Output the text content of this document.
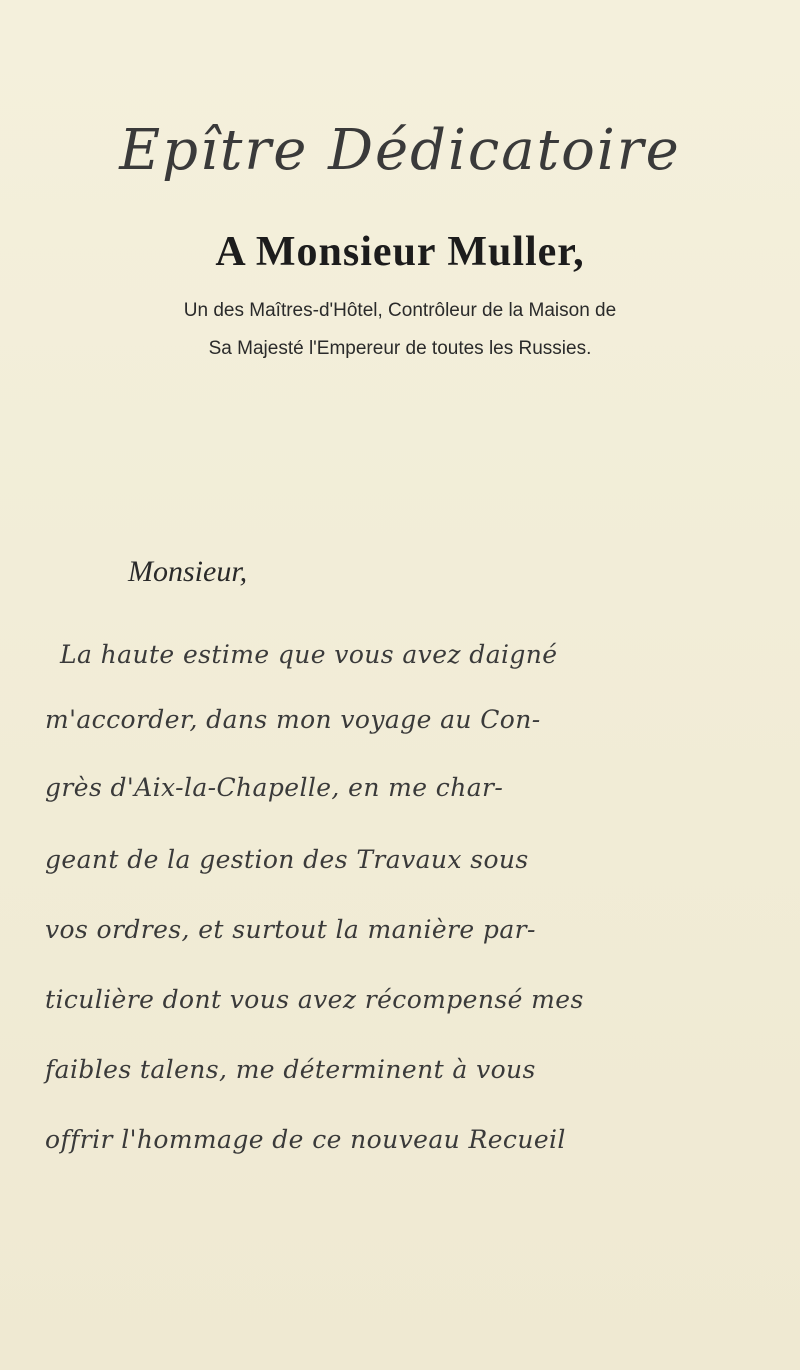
Epître Dédicatoire
A Monsieur Muller,
Un des Maîtres-d'Hôtel, Contrôleur de la Maison de
Sa Majesté l'Empereur de toutes les Russies.
Monsieur,
La haute estime que vous avez daigné
m'accorder, dans mon voyage au Con-
grès d'Aix-la-Chapelle, en me char-
geant de la gestion des Travaux sous
vos ordres, et surtout la manière par-
ticulière dont vous avez récompensé mes
faibles talens, me déterminent à vous
offrir l'hommage de ce nouveau Recueil
